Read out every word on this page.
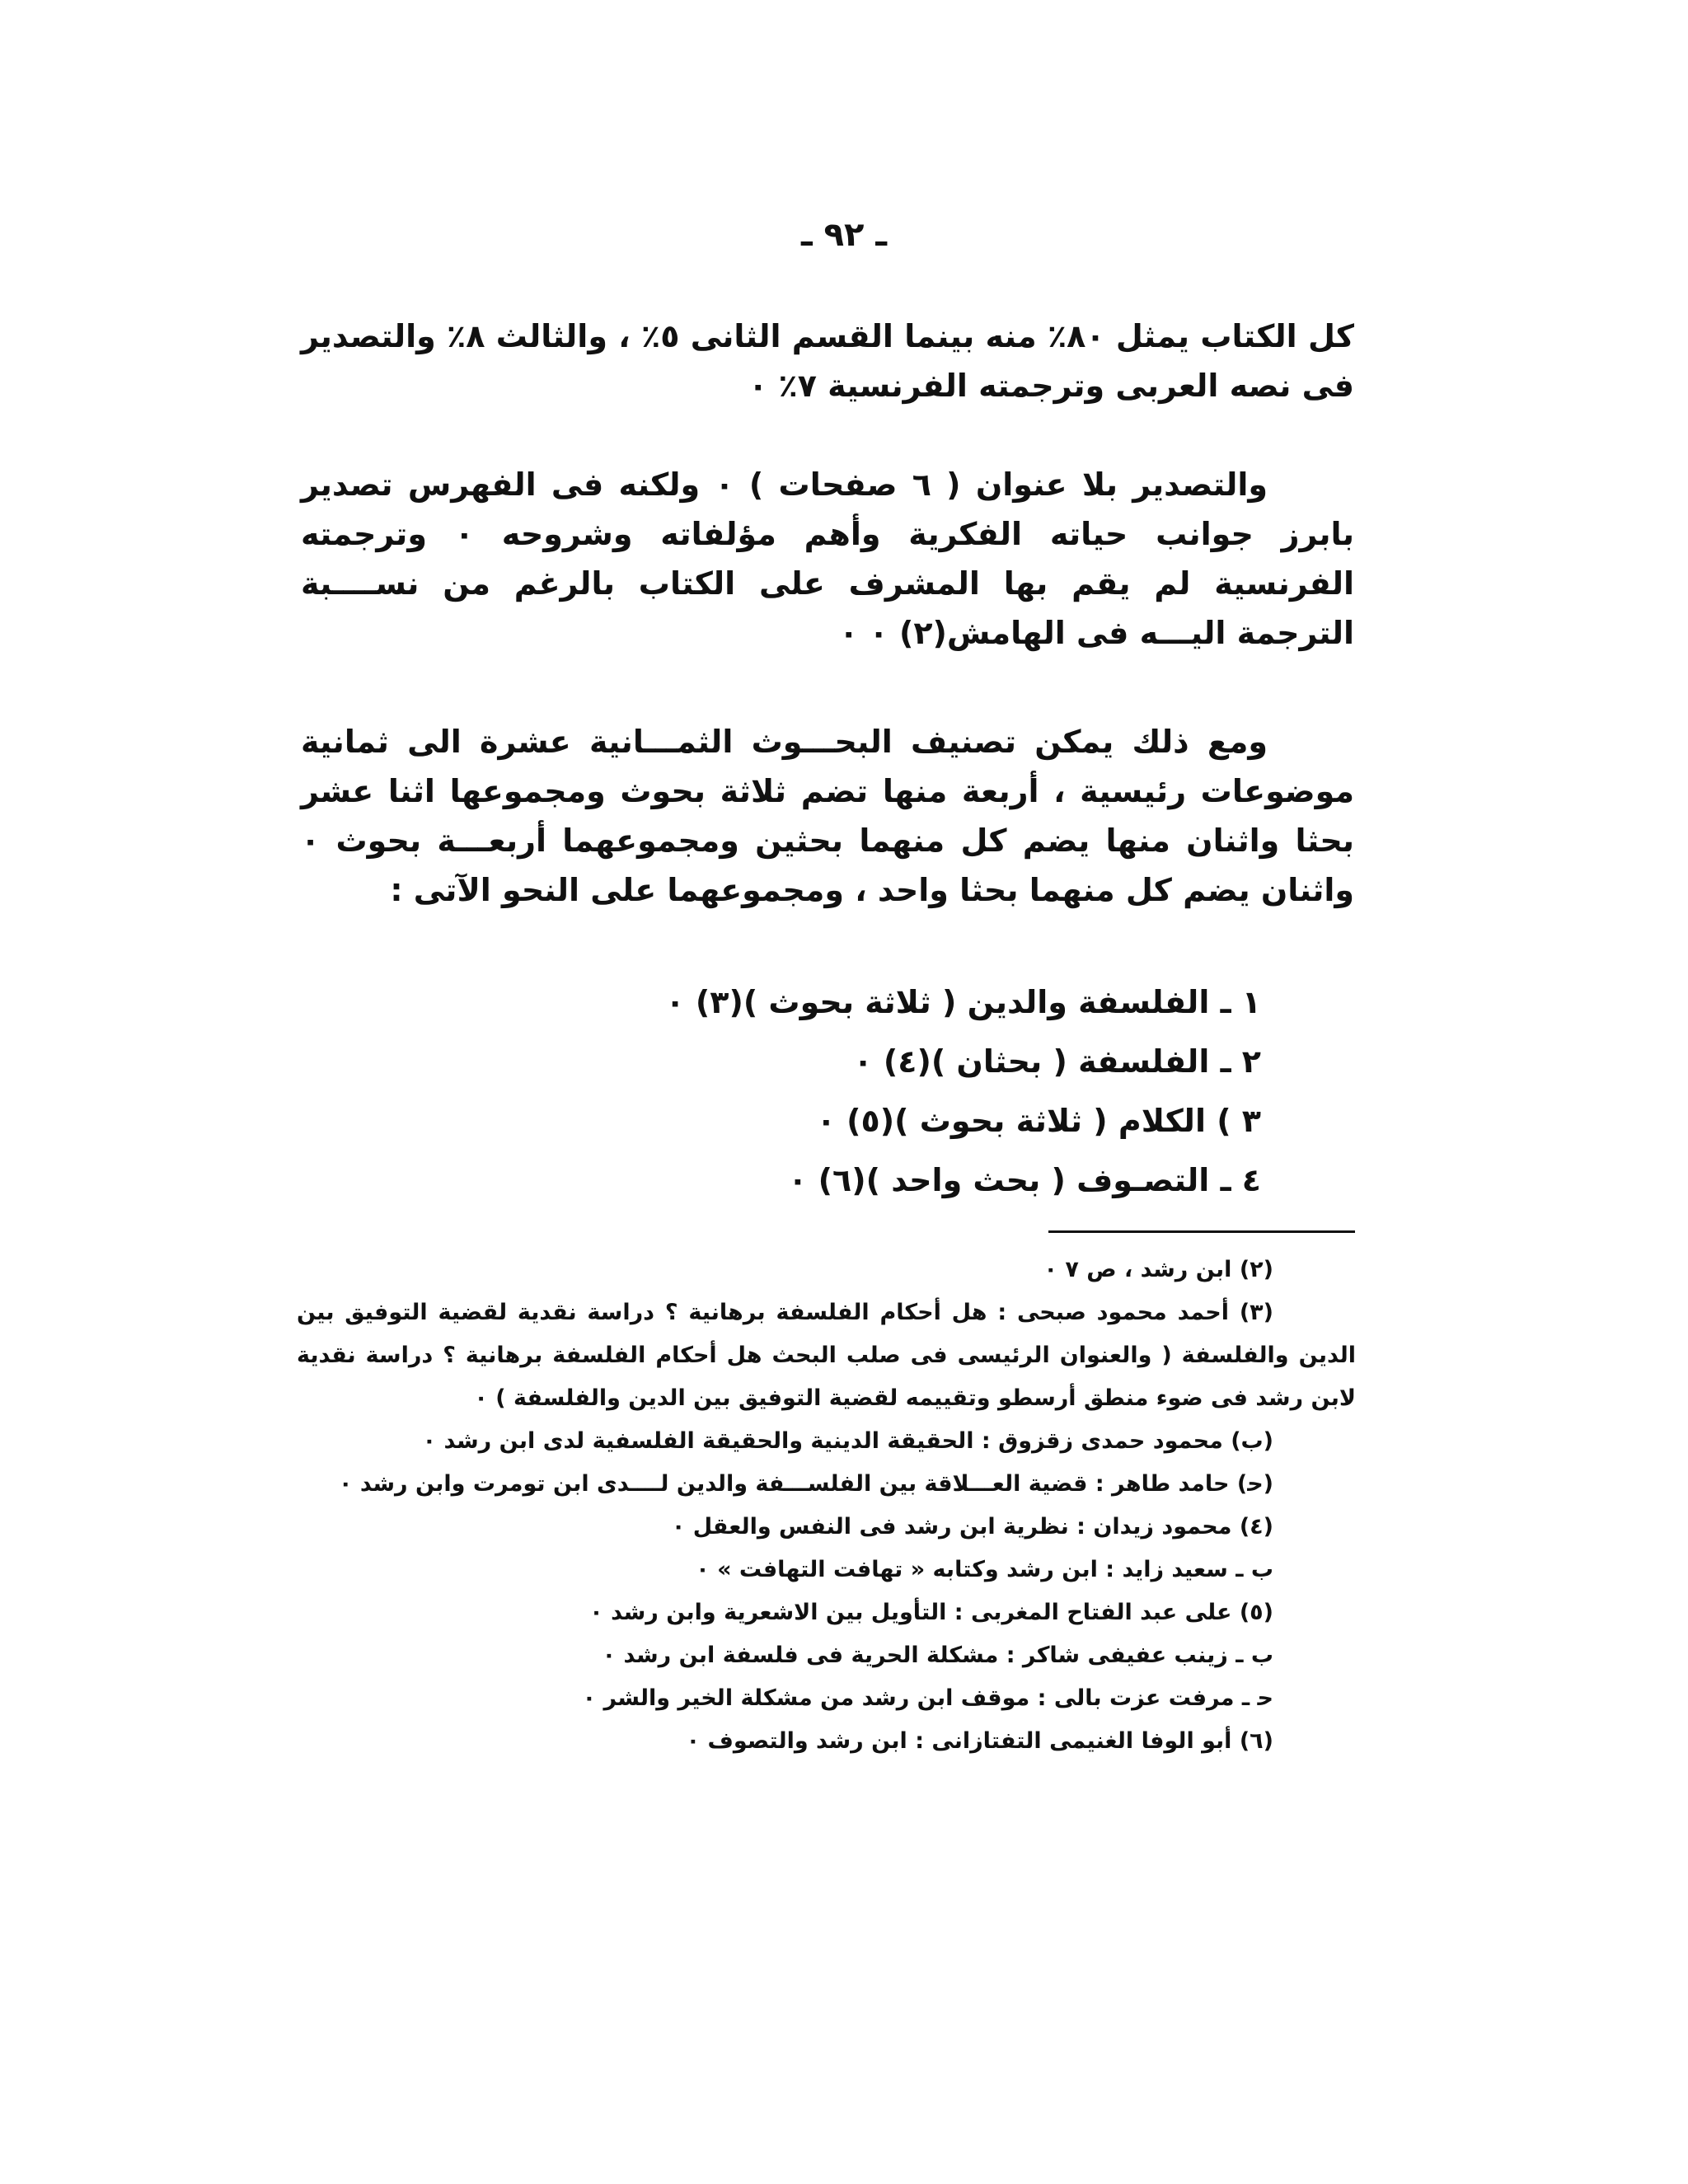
ـ ٩٢ ـ

كل الكتاب يمثل ٨٠٪ منه بينما القسم الثانى ٥٪ ، والثالث ٨٪ والتصدير فى نصه العربى وترجمته الفرنسية ٧٪ ٠

والتصدير بلا عنوان ( ٦ صفحات ) ٠ ولكنه فى الفهرس تصدير بابرز جوانب حياته الفكرية وأهم مؤلفاته وشروحه ٠ وترجمته الفرنسية لم يقم بها المشرف على الكتاب بالرغم من نســــبة الترجمة اليـــه فى الهامش(٢) ٠ ٠

ومع ذلك يمكن تصنيف البحـــوث الثمـــانية عشرة الى ثمانية موضوعات رئيسية ، أربعة منها تضم ثلاثة بحوث ومجموعها اثنا عشر بحثا واثنان منها يضم كل منهما بحثين ومجموعهما أربعـــة بحوث ٠ واثنان يضم كل منهما بحثا واحد ، ومجموعهما على النحو الآتى :

١ ـ الفلسفة والدين ( ثلاثة بحوث )(٣) ٠

٢ ـ الفلسفة ( بحثان )(٤) ٠

٣ ) الكلام ( ثلاثة بحوث )(٥) ٠

٤ ـ التصـوف ( بحث واحد )(٦) ٠

(٢) ابن رشد ، ص ٧ ٠

(٣) أحمد محمود صبحى : هل أحكام الفلسفة برهانية ؟ دراسة نقدية لقضية التوفيق بين الدين والفلسفة ( والعنوان الرئيسى فى صلب البحث هل أحكام الفلسفة برهانية ؟ دراسة نقدية لابن رشد فى ضوء منطق أرسطو وتقييمه لقضية التوفيق بين الدين والفلسفة ) ٠

(ب) محمود حمدى زقزوق : الحقيقة الدينية والحقيقة الفلسفية لدى ابن رشد ٠

(ﺣ) حامد طاهر : قضية العـــلاقة بين الفلســـفة والدين لــــدى ابن تومرت وابن رشد ٠

(٤) محمود زيدان : نظرية ابن رشد فى النفس والعقل ٠

ب ـ سعيد زايد : ابن رشد وكتابه « تهافت التهافت » ٠

(٥) على عبد الفتاح المغربى : التأويل بين الاشعرية وابن رشد ٠

ب ـ زينب عفيفى شاكر : مشكلة الحرية فى فلسفة ابن رشد ٠

ﺣ ـ مرفت عزت بالى : موقف ابن رشد من مشكلة الخير والشر ٠

(٦) أبو الوفا الغنيمى التفتازانى : ابن رشد والتصوف ٠
